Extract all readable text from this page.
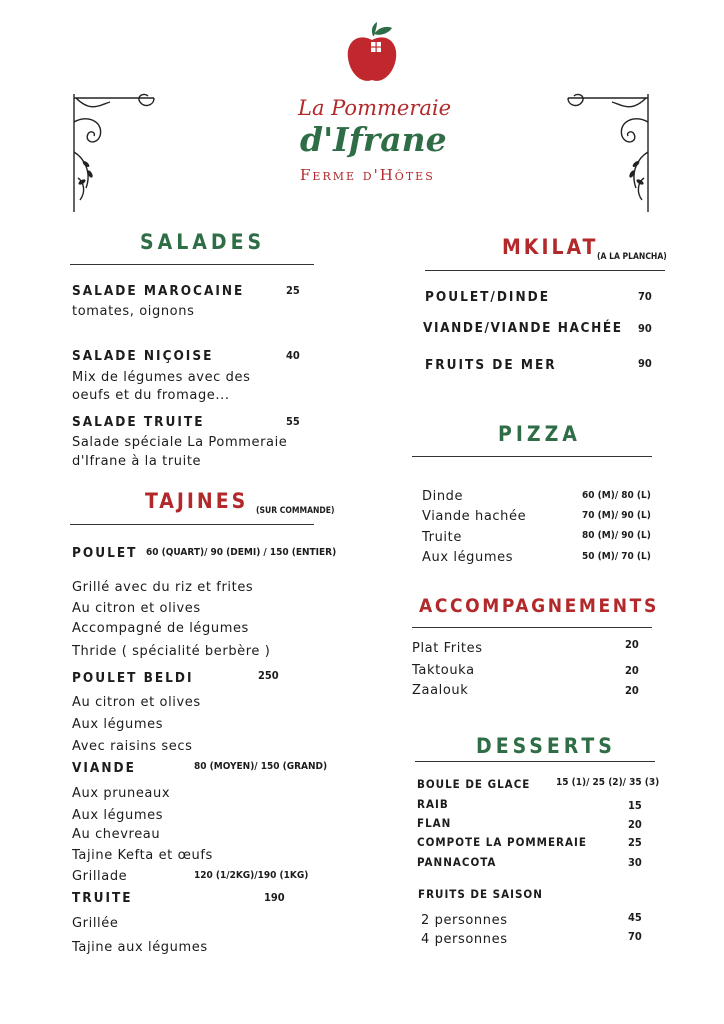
La Pommeraie
d'Ifrane
Ferme d'Hôtes
SALADES
SALADE MAROCAINE	25
tomates, oignons
SALADE NIÇOISE	40
Mix de légumes avec des
oeufs et du fromage...
SALADE TRUITE	55
Salade spéciale La Pommeraie
d'Ifrane à la truite
TAJINES (SUR COMMANDE)
POULET 60 (QUART)/ 90 (DEMI) / 150 (ENTIER)
Grillé avec du riz et frites
Au citron et olives
Accompagné de légumes
Thride ( spécialité berbère )
POULET BELDI	250
Au citron et olives
Aux légumes
Avec raisins secs
VIANDE	80 (MOYEN)/ 150 (GRAND)
Aux pruneaux
Aux légumes
Au chevreau
Tajine Kefta et œufs
Grillade	120 (1/2KG)/190 (1KG)
TRUITE	190
Grillée
Tajine aux légumes
MKILAT
(A LA PLANCHA)
POULET/DINDE	70
VIANDE/VIANDE HACHÉE 90
FRUITS DE MER	90
PIZZA
Dinde	60 (M)/ 80 (L)
Viande hachée	70 (M)/ 90 (L)
Truite	80 (M)/ 90 (L)
Aux légumes	50 (M)/ 70 (L)
ACCOMPAGNEMENTS
Plat Frites	20
Taktouka	20
Zaalouk	20
DESSERTS
BOULE DE GLACE	15 (1)/ 25 (2)/ 35 (3)
RAIB	15
FLAN	20
COMPOTE LA POMMERAIE	25
PANNACOTA	30
FRUITS DE SAISON
2 personnes	45
4 personnes	70
